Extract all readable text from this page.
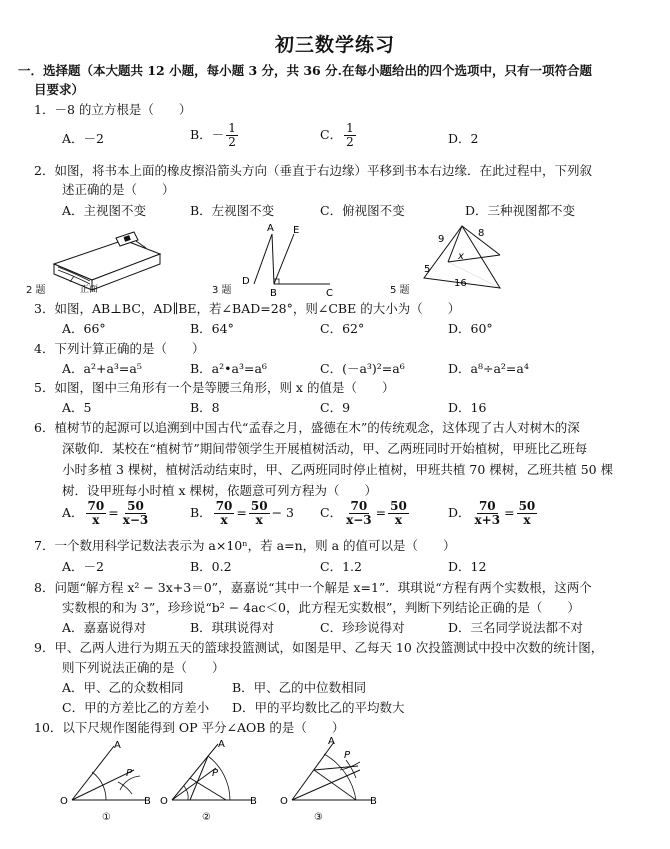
初三数学练习
一．选择题（本大题共 12 小题，每小题 3 分，共 36 分.在每小题给出的四个选项中，只有一项符合题
目要求）
1．－8 的立方根是（　　）
A．－2	B．－ $\frac{1}{2}$	C． $\frac{1}{2}$	D．2
2．如图，将书本上面的橡皮擦沿箭头方向（垂直于右边缘）平移到书本右边缘．在此过程中，下列叙
述正确的是（　　）
A．主视图不变	B．左视图不变	C．俯视图不变	D．三种视图都不变
2 题	正面
A E
D
B	C
3 题
9
8
5
x
16
5 题
3．如图，AB⊥BC，AD∥BE，若∠BAD=28°，则∠CBE 的大小为（　　）
A．66°	B．64°	C．62°	D．60°
4．下列计算正确的是（　　）
A．a²+a³=a⁵	B．a²•a³=a⁶	C．(－a³)²=a⁶	D．a⁸÷a²=a⁴
5．如图，图中三角形有一个是等腰三角形，则 x 的值是（　　）
A．5	B．8	C．9	D．16
6．植树节的起源可以追溯到中国古代“孟春之月，盛德在木”的传统观念，这体现了古人对树木的深
深敬仰．某校在“植树节”期间带领学生开展植树活动，甲、乙两班同时开始植树，甲班比乙班每
小时多植 3 棵树，植树活动结束时，甲、乙两班同时停止植树，甲班共植 70 棵树，乙班共植 50 棵
树．设甲班每小时植 x 棵树，依题意可列方程为（　　）
A． $\frac{70}{x} = \frac{50}{x-3}$	B． $\frac{70}{x} = \frac{50}{x} - 3$ C． $\frac{70}{x-3} = \frac{50}{x}$	D． $\frac{70}{x+3} = \frac{50}{x}$
7．一个数用科学记数法表示为 a×10ⁿ，若 a=n，则 a 的值可以是（　　）
A．－2	B．0.2	C．1.2	D．12
8．问题“解方程 x² − 3x+3＝0”，嘉嘉说“其中一个解是 x=1”．琪琪说“方程有两个实数根，这两个
实数根的和为 3”，珍珍说“b² − 4ac＜0，此方程无实数根”，判断下列结论正确的是（　　）
A．嘉嘉说得对	B．琪琪说得对	C．珍珍说得对	D．三名同学说法都不对
9．甲、乙两人进行为期五天的篮球投篮测试，如图是甲、乙每天 10 次投篮测试中投中次数的统计图，
则下列说法正确的是（　　）
A．甲、乙的众数相同	B．甲、乙的中位数相同
C．甲的方差比乙的方差小 D．甲的平均数比乙的平均数大
10．以下尺规作图能得到 OP 平分∠AOB 的是（　　）
O
A
B
P
①
O
A
B
P
②
O
A
B
P
③
